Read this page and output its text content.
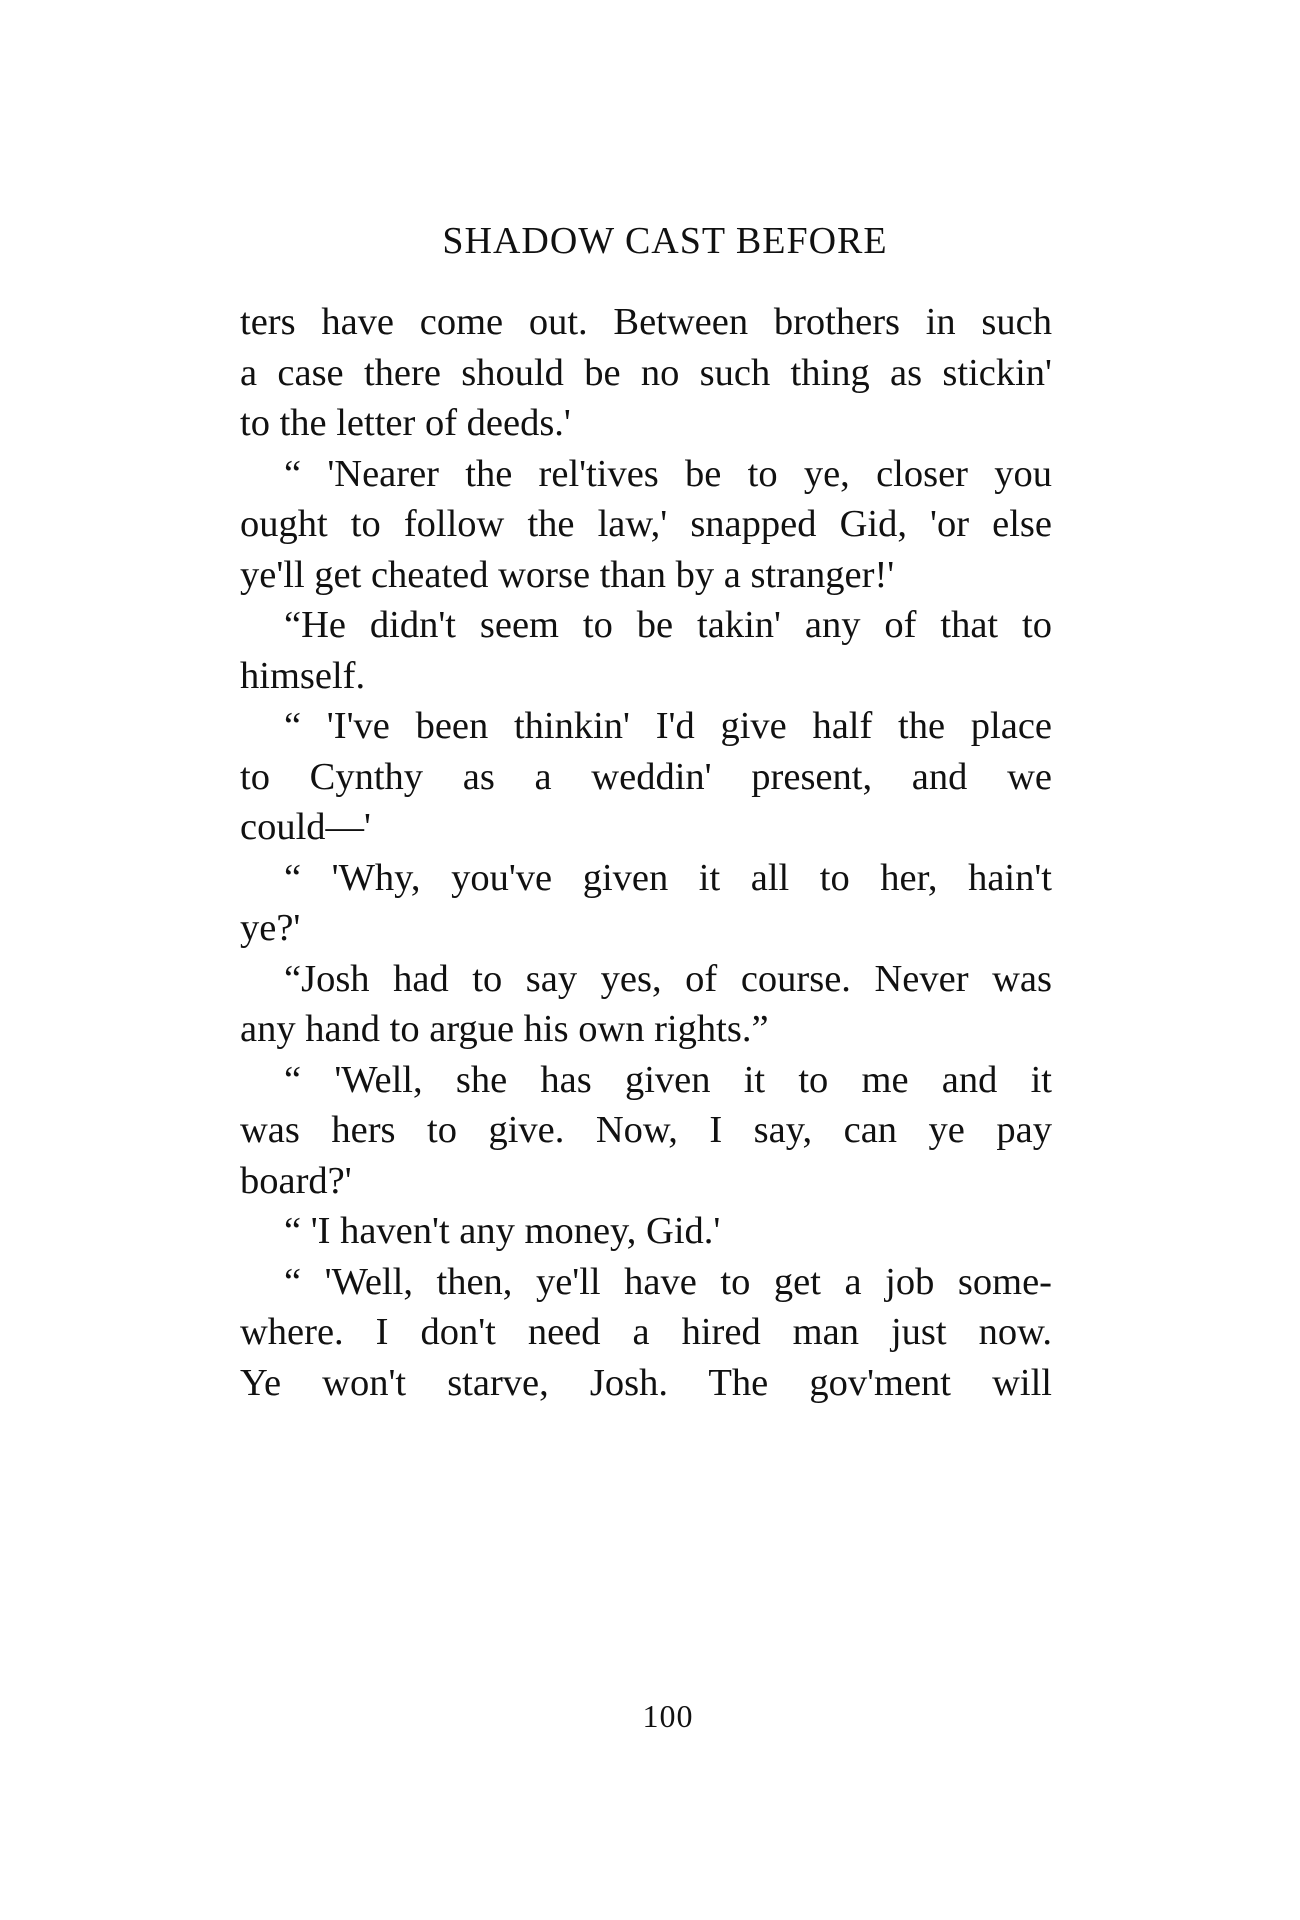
SHADOW CAST BEFORE
ters have come out. Between brothers in such
a case there should be no such thing as stickin'
to the letter of deeds.'
“ 'Nearer the rel'tives be to ye, closer you
ought to follow the law,' snapped Gid, 'or else
ye'll get cheated worse than by a stranger!'
“He didn't seem to be takin' any of that to
himself.
“ 'I've been thinkin' I'd give half the place
to Cynthy as a weddin' present, and we
could—'
“ 'Why, you've given it all to her, hain't
ye?'
“Josh had to say yes, of course. Never was
any hand to argue his own rights.”
“ 'Well, she has given it to me and it
was hers to give. Now, I say, can ye pay
board?'
“ 'I haven't any money, Gid.'
“ 'Well, then, ye'll have to get a job some-
where. I don't need a hired man just now.
Ye won't starve, Josh. The gov'ment will
100
